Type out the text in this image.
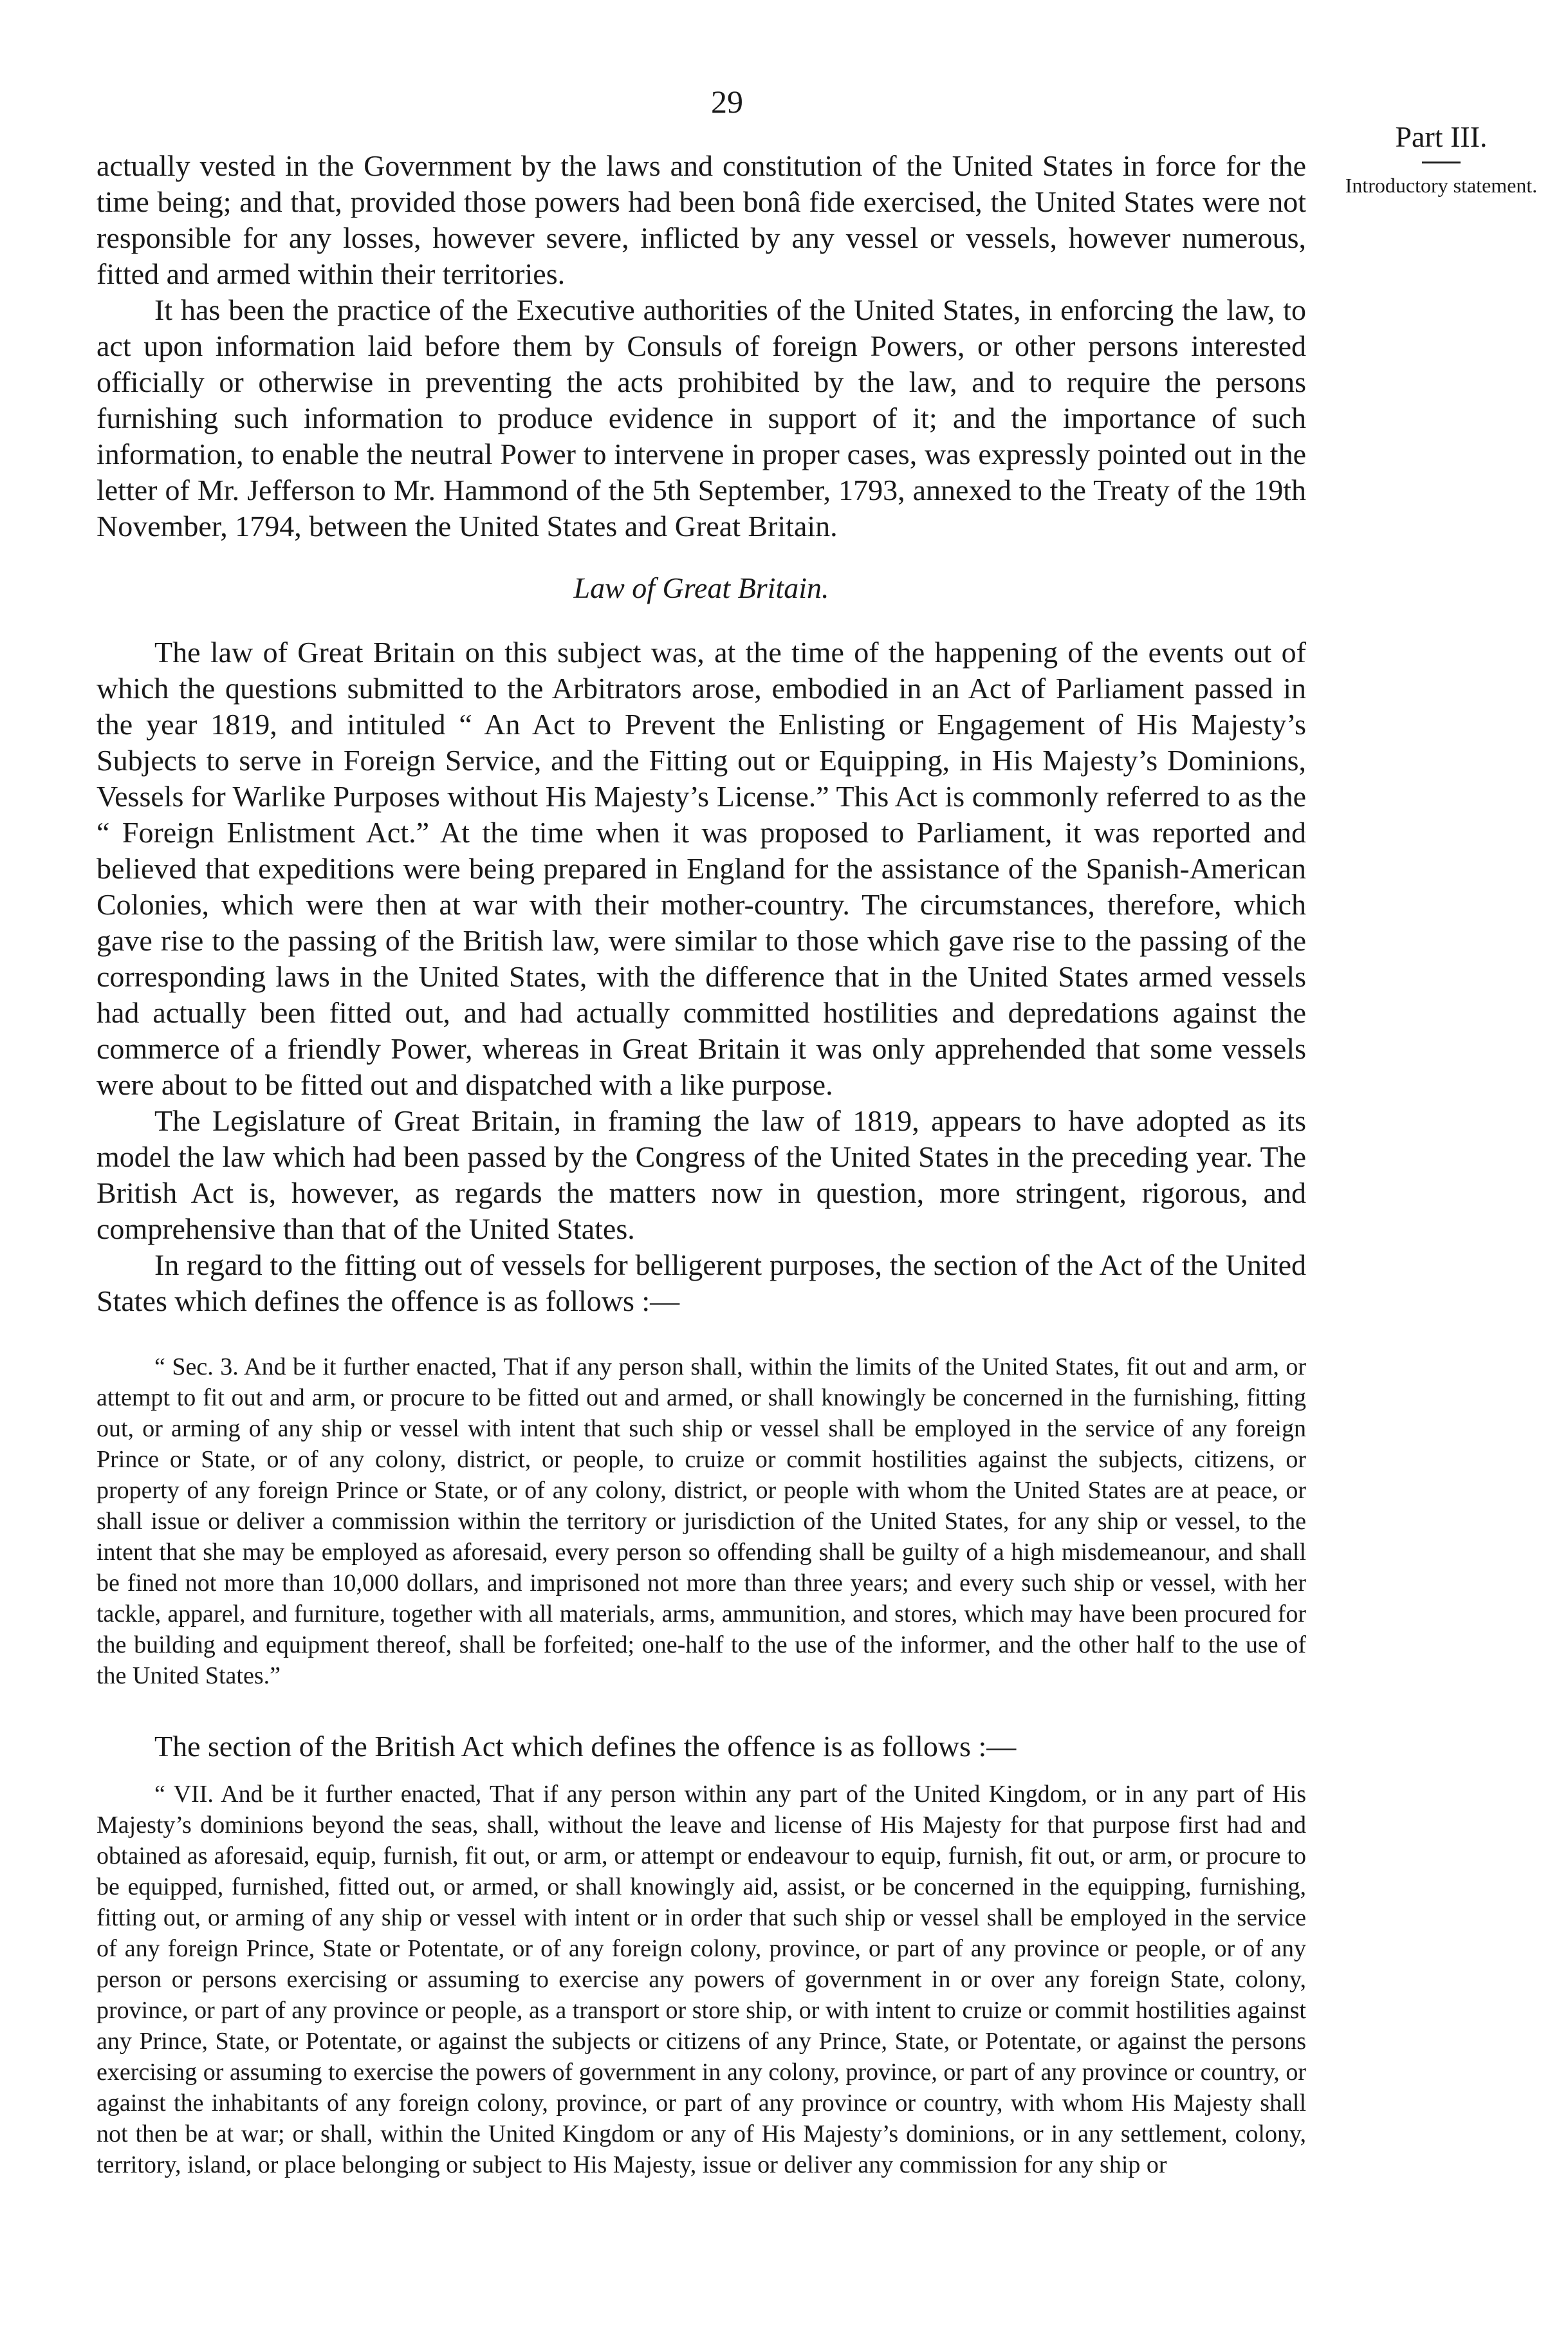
29
Part III.
Introductory statement.

actually vested in the Government by the laws and constitution of the United States in force for the time being; and that, provided those powers had been bonâ fide exercised, the United States were not responsible for any losses, however severe, inflicted by any vessel or vessels, however numerous, fitted and armed within their territories.

It has been the practice of the Executive authorities of the United States, in enforcing the law, to act upon information laid before them by Consuls of foreign Powers, or other persons interested officially or otherwise in preventing the acts prohibited by the law, and to require the persons furnishing such information to produce evidence in support of it; and the importance of such information, to enable the neutral Power to intervene in proper cases, was expressly pointed out in the letter of Mr. Jefferson to Mr. Hammond of the 5th September, 1793, annexed to the Treaty of the 19th November, 1794, between the United States and Great Britain.

Law of Great Britain.

The law of Great Britain on this subject was, at the time of the happening of the events out of which the questions submitted to the Arbitrators arose, embodied in an Act of Parliament passed in the year 1819, and intituled “ An Act to Prevent the Enlisting or Engagement of His Majesty’s Subjects to serve in Foreign Service, and the Fitting out or Equipping, in His Majesty’s Dominions, Vessels for Warlike Purposes without His Majesty’s License.” This Act is commonly referred to as the “ Foreign Enlistment Act.” At the time when it was proposed to Parliament, it was reported and believed that expeditions were being prepared in England for the assistance of the Spanish-American Colonies, which were then at war with their mother-country. The circumstances, therefore, which gave rise to the passing of the British law, were similar to those which gave rise to the passing of the corresponding laws in the United States, with the difference that in the United States armed vessels had actually been fitted out, and had actually committed hostilities and depredations against the commerce of a friendly Power, whereas in Great Britain it was only apprehended that some vessels were about to be fitted out and dispatched with a like purpose.

The Legislature of Great Britain, in framing the law of 1819, appears to have adopted as its model the law which had been passed by the Congress of the United States in the preceding year. The British Act is, however, as regards the matters now in question, more stringent, rigorous, and comprehensive than that of the United States.

In regard to the fitting out of vessels for belligerent purposes, the section of the Act of the United States which defines the offence is as follows :—

“ Sec. 3. And be it further enacted, That if any person shall, within the limits of the United States, fit out and arm, or attempt to fit out and arm, or procure to be fitted out and armed, or shall knowingly be concerned in the furnishing, fitting out, or arming of any ship or vessel with intent that such ship or vessel shall be employed in the service of any foreign Prince or State, or of any colony, district, or people, to cruize or commit hostilities against the subjects, citizens, or property of any foreign Prince or State, or of any colony, district, or people with whom the United States are at peace, or shall issue or deliver a commission within the territory or jurisdiction of the United States, for any ship or vessel, to the intent that she may be employed as aforesaid, every person so offending shall be guilty of a high misdemeanour, and shall be fined not more than 10,000 dollars, and imprisoned not more than three years; and every such ship or vessel, with her tackle, apparel, and furniture, together with all materials, arms, ammunition, and stores, which may have been procured for the building and equipment thereof, shall be forfeited; one-half to the use of the informer, and the other half to the use of the United States.”

The section of the British Act which defines the offence is as follows :—

“ VII. And be it further enacted, That if any person within any part of the United Kingdom, or in any part of His Majesty’s dominions beyond the seas, shall, without the leave and license of His Majesty for that purpose first had and obtained as aforesaid, equip, furnish, fit out, or arm, or attempt or endeavour to equip, furnish, fit out, or arm, or procure to be equipped, furnished, fitted out, or armed, or shall knowingly aid, assist, or be concerned in the equipping, furnishing, fitting out, or arming of any ship or vessel with intent or in order that such ship or vessel shall be employed in the service of any foreign Prince, State or Potentate, or of any foreign colony, province, or part of any province or people, or of any person or persons exercising or assuming to exercise any powers of government in or over any foreign State, colony, province, or part of any province or people, as a transport or store ship, or with intent to cruize or commit hostilities against any Prince, State, or Potentate, or against the subjects or citizens of any Prince, State, or Potentate, or against the persons exercising or assuming to exercise the powers of government in any colony, province, or part of any province or country, or against the inhabitants of any foreign colony, province, or part of any province or country, with whom His Majesty shall not then be at war; or shall, within the United Kingdom or any of His Majesty’s dominions, or in any settlement, colony, territory, island, or place belonging or subject to His Majesty, issue or deliver any commission for any ship or
